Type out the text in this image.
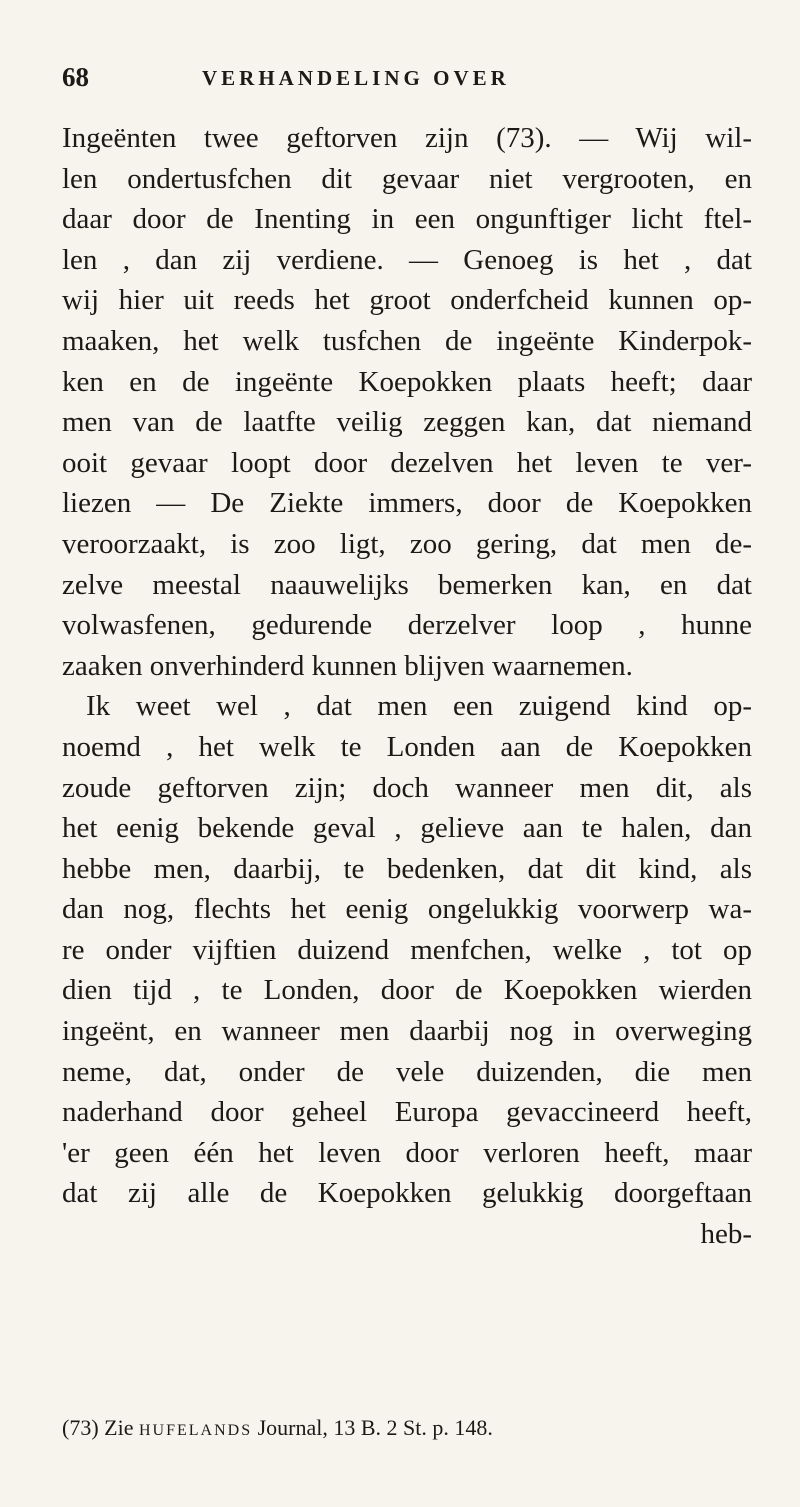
68	VERHANDELING OVER
Ingeënten twee geftorven zijn (73). — Wij wil-
len ondertusfchen dit gevaar niet vergrooten, en
daar door de Inenting in een ongunftiger licht ftel-
len , dan zij verdiene. — Genoeg is het , dat
wij hier uit reeds het groot onderfcheid kunnen op-
maaken, het welk tusfchen de ingeënte Kinderpok-
ken en de ingeënte Koepokken plaats heeft; daar
men van de laatfte veilig zeggen kan, dat niemand
ooit gevaar loopt door dezelven het leven te ver-
liezen — De Ziekte immers, door de Koepokken
veroorzaakt, is zoo ligt, zoo gering, dat men de-
zelve meestal naauwelijks bemerken kan, en dat
volwasfenen, gedurende derzelver loop , hunne
zaaken onverhinderd kunnen blijven waarnemen.
Ik weet wel , dat men een zuigend kind op-
noemd , het welk te Londen aan de Koepokken
zoude geftorven zijn; doch wanneer men dit, als
het eenig bekende geval , gelieve aan te halen, dan
hebbe men, daarbij, te bedenken, dat dit kind, als
dan nog, flechts het eenig ongelukkig voorwerp wa-
re onder vijftien duizend menfchen, welke , tot op
dien tijd , te Londen, door de Koepokken wierden
ingeënt, en wanneer men daarbij nog in overweging
neme, dat, onder de vele duizenden, die men
naderhand door geheel Europa gevaccineerd heeft,
'er geen één het leven door verloren heeft, maar
dat zij alle de Koepokken gelukkig doorgeftaan
heb-
(73) Zie HUFELANDS Journal, 13 B. 2 St. p. 148.
